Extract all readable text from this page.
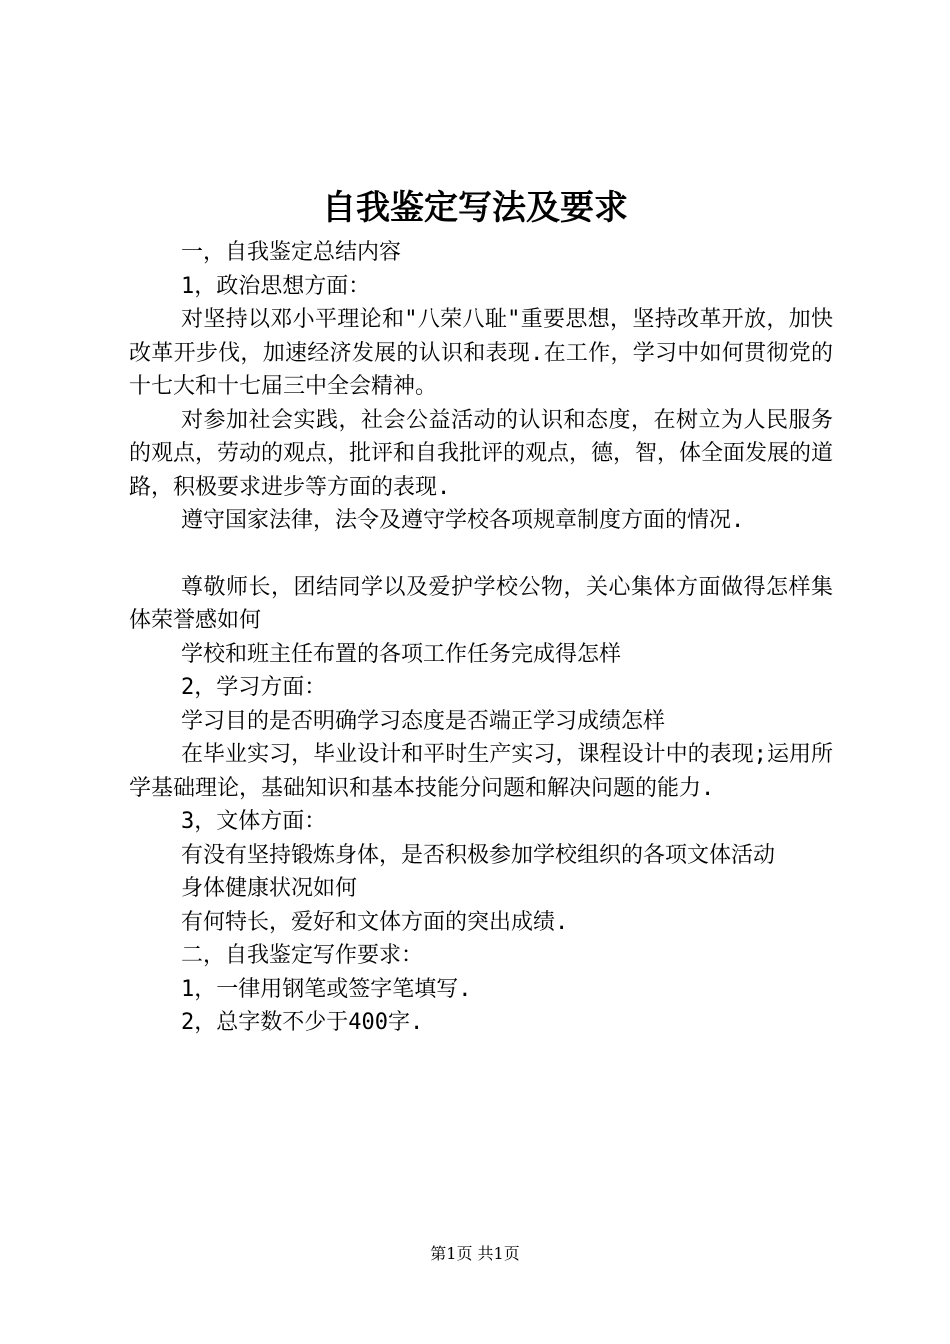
自我鉴定写法及要求

一，自我鉴定总结内容

1，政治思想方面：

对坚持以邓小平理论和"八荣八耻"重要思想，坚持改革开放，加快改革开步伐，加速经济发展的认识和表现.在工作，学习中如何贯彻党的十七大和十七届三中全会精神。

对参加社会实践，社会公益活动的认识和态度，在树立为人民服务的观点，劳动的观点，批评和自我批评的观点，德，智，体全面发展的道路，积极要求进步等方面的表现.

遵守国家法律，法令及遵守学校各项规章制度方面的情况.

尊敬师长，团结同学以及爱护学校公物，关心集体方面做得怎样集体荣誉感如何

学校和班主任布置的各项工作任务完成得怎样

2，学习方面：

学习目的是否明确学习态度是否端正学习成绩怎样

在毕业实习，毕业设计和平时生产实习，课程设计中的表现;运用所学基础理论，基础知识和基本技能分问题和解决问题的能力.

3，文体方面：

有没有坚持锻炼身体，是否积极参加学校组织的各项文体活动

身体健康状况如何

有何特长，爱好和文体方面的突出成绩.

二，自我鉴定写作要求：

1，一律用钢笔或签字笔填写.

2，总字数不少于400字.

第1页 共1页
